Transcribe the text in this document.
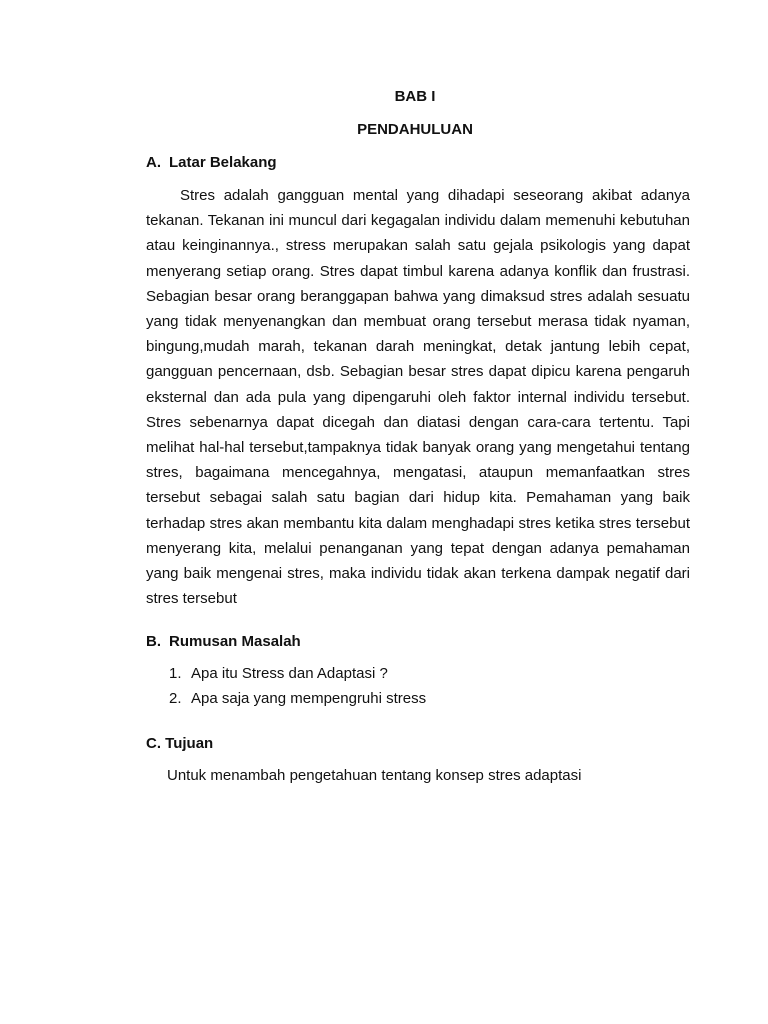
BAB I

PENDAHULUAN

A. Latar Belakang

Stres adalah gangguan mental yang dihadapi seseorang akibat adanya tekanan. Tekanan ini muncul dari kegagalan individu dalam memenuhi kebutuhan atau keinginannya., stress merupakan salah satu gejala psikologis yang dapat menyerang setiap orang. Stres dapat timbul karena adanya konflik dan frustrasi. Sebagian besar orang beranggapan bahwa yang dimaksud stres adalah sesuatu yang tidak menyenangkan dan membuat orang tersebut merasa tidak nyaman, bingung,mudah marah, tekanan darah meningkat, detak jantung lebih cepat, gangguan pencernaan, dsb. Sebagian besar stres dapat dipicu karena pengaruh eksternal dan ada pula yang dipengaruhi oleh faktor internal individu tersebut. Stres sebenarnya dapat dicegah dan diatasi dengan cara-cara tertentu. Tapi melihat hal-hal tersebut,tampaknya tidak banyak orang yang mengetahui tentang stres, bagaimana mencegahnya, mengatasi, ataupun memanfaatkan stres tersebut sebagai salah satu bagian dari hidup kita. Pemahaman yang baik terhadap stres akan membantu kita dalam menghadapi stres ketika stres tersebut menyerang kita, melalui penanganan yang tepat dengan adanya pemahaman yang baik mengenai stres, maka individu tidak akan terkena dampak negatif dari stres tersebut

B. Rumusan Masalah

1. Apa itu Stress dan Adaptasi ?
2. Apa saja yang mempengruhi stress

C. Tujuan

Untuk menambah pengetahuan tentang konsep stres adaptasi
